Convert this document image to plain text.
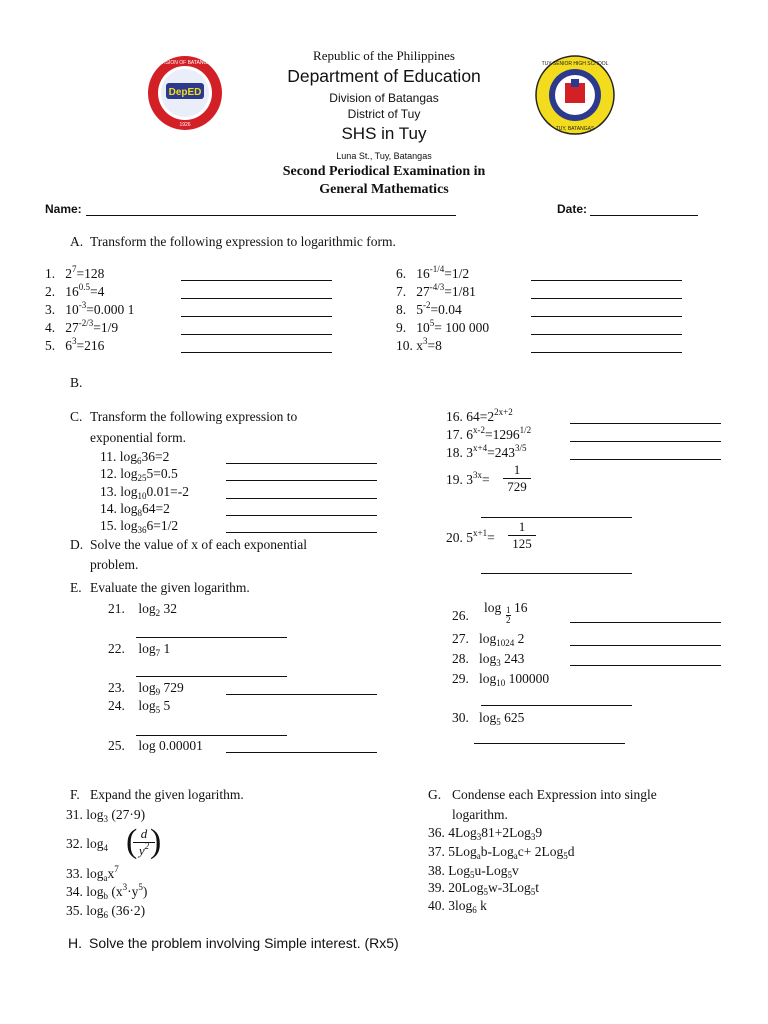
DepED
1926
DIVISION OF BATANGAS	TUY SENIOR HIGH SCHOOL
TUY, BATANGAS
Republic of the Philippines
Department of Education
Division of Batangas
District of Tuy
SHS in Tuy
Luna St., Tuy, Batangas
Second Periodical Examination in
General Mathematics
Name:	Date:
A. Transform the following expression to logarithmic form.
1. $2^7=128$
2. $16^{0.5}=4$
3. $10^{-3}=0.000$ 1
4. $27^{-2/3}=1/9$
5. $6^3=216$
6. $16^{-1/4}=1/2$
7. $27^{-4/3}=1/81$
8. $5^{-2}=0.04$
9. $10^5= 100$ 000
10. $x^3=8$
B.
C. Transform the following expression to
exponential form.
11. $\log_636=2$
12. $\log_{25}5=0.5$
13. $\log_{10}0.01=-2$
14. $\log_864=2$
15. $\log_{36}6=1/2$
16. $64=2^{2x+2}$
17. $6^{x-2}=1296^{1/2}$
18. $3^{x+4}=243^{3/5}$
19. $3^{3x}= \frac{1}{729}$
20. $5^{x+1}= \frac{1}{125}$
D. Solve the value of x of each exponential
problem.
E. Evaluate the given logarithm.
21. $\log_2 32$
22. $\log_7 1$
23. $\log_9 729$
24. $\log_5 5$
25. log 0.00001
26.
log 1
2
16
27. $\log_{1024} 2$
28. $\log_3 243$
29. $\log_{10} 100000$
30. $\log_5 625$
F. Expand the given logarithm.
31. $\log_3 (27\cdot 9)$
32. $\log_4$ (
$\frac{d}{y^2}$
)
33. $\log_ax^7$
34. $\log_b (x^3\cdot y^5)$
35. $\log_6 (36\cdot 2)$
G. Condense each Expression into single
logarithm.
36. 4Log$_3$81+2Log$_3$9
37. 5Log$_a$b-Log$_a$c+ 2Log$_5$d
38. Log$_5$u-Log$_5$v
39. 20Log$_5$w-3Log$_5$t
40. $3\log_6$ k
H. Solve the problem involving Simple interest. (Rx5)
